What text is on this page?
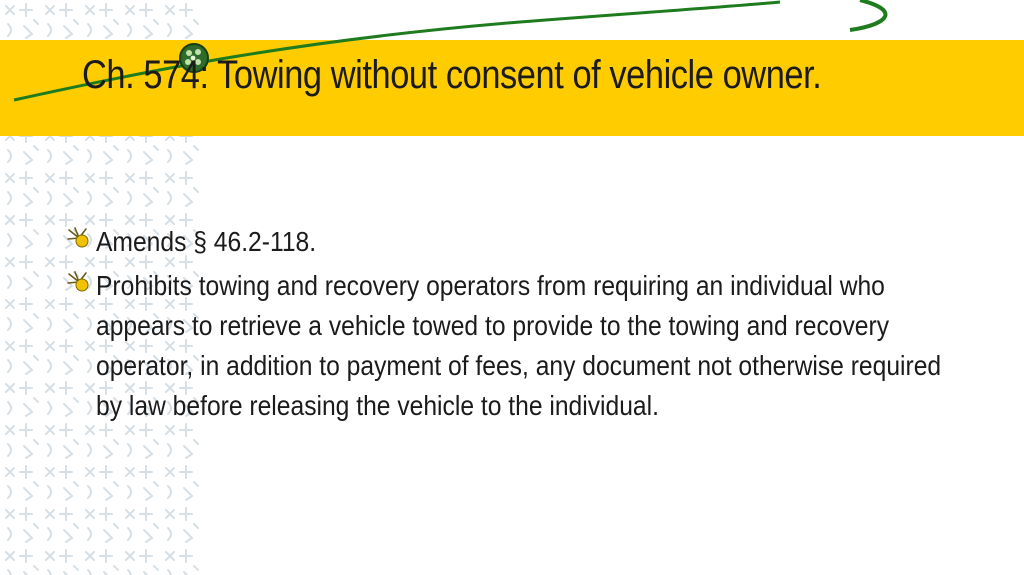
Ch. 574: Towing without consent of vehicle owner.
Amends § 46.2-118.
Prohibits towing and recovery operators from requiring an individual who appears to retrieve a vehicle towed to provide to the towing and recovery operator, in addition to payment of fees, any document not otherwise required by law before releasing the vehicle to the individual.
